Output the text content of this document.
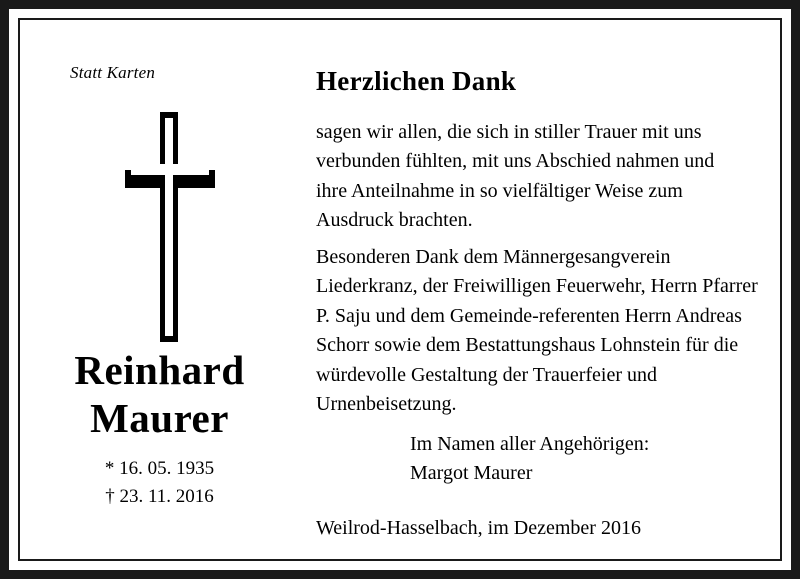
Statt Karten
Reinhard
Maurer
* 16. 05. 1935
† 23. 11. 2016
Herzlichen Dank
sagen wir allen, die sich in stiller Trauer mit uns verbunden fühlten, mit uns Abschied nahmen und ihre Anteilnahme in so vielfältiger Weise zum Ausdruck brachten.
Besonderen Dank dem Männergesangverein Liederkranz, der Freiwilligen Feuerwehr, Herrn Pfarrer P. Saju und dem Gemeinde-referenten Herrn Andreas Schorr sowie dem Bestattungshaus Lohnstein für die würdevolle Gestaltung der Trauerfeier und Urnenbeisetzung.
Im Namen aller Angehörigen:
Margot Maurer
Weilrod-Hasselbach, im Dezember 2016
